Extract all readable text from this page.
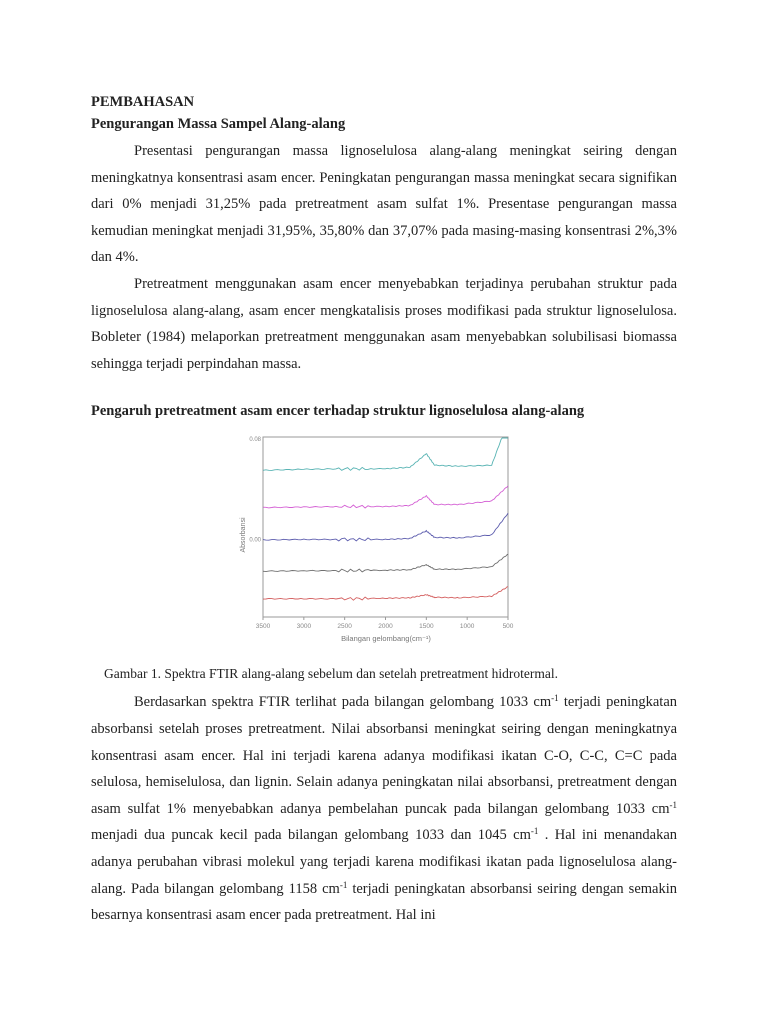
PEMBAHASAN

Pengurangan Massa Sampel Alang-alang

Presentasi pengurangan massa lignoselulosa alang-alang meningkat seiring dengan meningkatnya konsentrasi asam encer. Peningkatan pengurangan massa meningkat secara signifikan dari 0% menjadi 31,25% pada pretreatment asam sulfat 1%. Presentase pengurangan massa kemudian meningkat menjadi 31,95%, 35,80% dan 37,07% pada masing-masing konsentrasi 2%,3% dan 4%.

Pretreatment menggunakan asam encer menyebabkan terjadinya perubahan struktur pada lignoselulosa alang-alang, asam encer mengkatalisis proses modifikasi pada struktur lignoselulosa. Bobleter (1984) melaporkan pretreatment menggunakan asam menyebabkan solubilisasi biomassa sehingga terjadi perpindahan massa.

Pengaruh pretreatment asam encer terhadap struktur lignoselulosa alang-alang

3500	3000	2500	2000	1500	1000	500
0.08
0.00
Absorbansi
Bilangan gelombang(cm⁻¹)

Gambar 1. Spektra FTIR alang-alang sebelum dan setelah pretreatment hidrotermal.

Berdasarkan spektra FTIR terlihat pada bilangan gelombang 1033 $cm^{-1}$ terjadi peningkatan absorbansi setelah proses pretreatment. Nilai absorbansi meningkat seiring dengan meningkatnya konsentrasi asam encer. Hal ini terjadi karena adanya modifikasi ikatan C-O, C-C, C=C pada selulosa, hemiselulosa, dan lignin. Selain adanya peningkatan nilai absorbansi, pretreatment dengan asam sulfat 1% menyebabkan adanya pembelahan puncak pada bilangan gelombang 1033 $cm^{-1}$ menjadi dua puncak kecil pada bilangan gelombang 1033 dan 1045 $cm^{-1}$ . Hal ini menandakan adanya perubahan vibrasi molekul yang terjadi karena modifikasi ikatan pada lignoselulosa alang-alang. Pada bilangan gelombang 1158 $cm^{-1}$ terjadi peningkatan absorbansi seiring dengan semakin besarnya konsentrasi asam encer pada pretreatment. Hal ini
